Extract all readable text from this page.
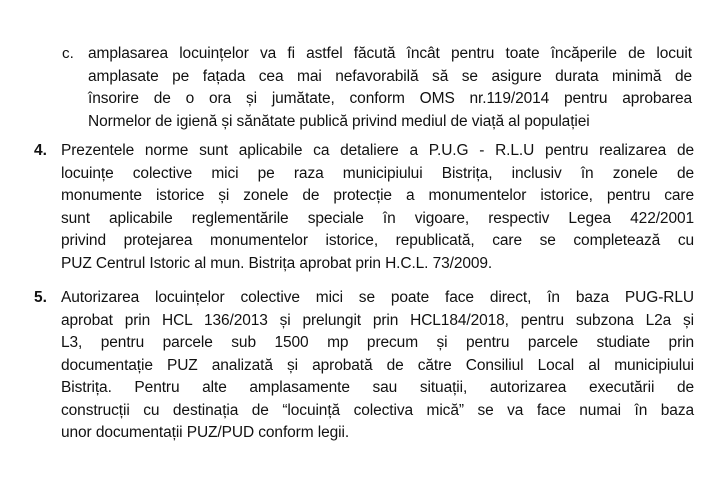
c. amplasarea locuințelor va fi astfel făcută încât pentru toate încăperile de locuit
amplasate pe fațada cea mai nefavorabilă să se asigure durata minimă de
însorire de o ora și jumătate, conform OMS nr.119/2014 pentru aprobarea
Normelor de igienă și sănătate publică privind mediul de viață al populației
4. Prezentele norme sunt aplicabile ca detaliere a P.U.G - R.L.U pentru realizarea de
locuințe colective mici pe raza municipiului Bistrița, inclusiv în zonele de
monumente istorice și zonele de protecție a monumentelor istorice, pentru care
sunt aplicabile reglementările speciale în vigoare, respectiv Legea 422/2001
privind protejarea monumentelor istorice, republicată, care se completează cu
PUZ Centrul Istoric al mun. Bistrița aprobat prin H.C.L. 73/2009.
5. Autorizarea locuințelor colective mici se poate face direct, în baza PUG-RLU
aprobat prin HCL 136/2013 și prelungit prin HCL184/2018, pentru subzona L2a și
L3, pentru parcele sub 1500 mp precum și pentru parcele studiate prin
documentație PUZ analizată și aprobată de către Consiliul Local al municipiului
Bistrița. Pentru alte amplasamente sau situații, autorizarea executării de
construcții cu destinația de “locuință colectiva mică” se va face numai în baza
unor documentații PUZ/PUD conform legii.
